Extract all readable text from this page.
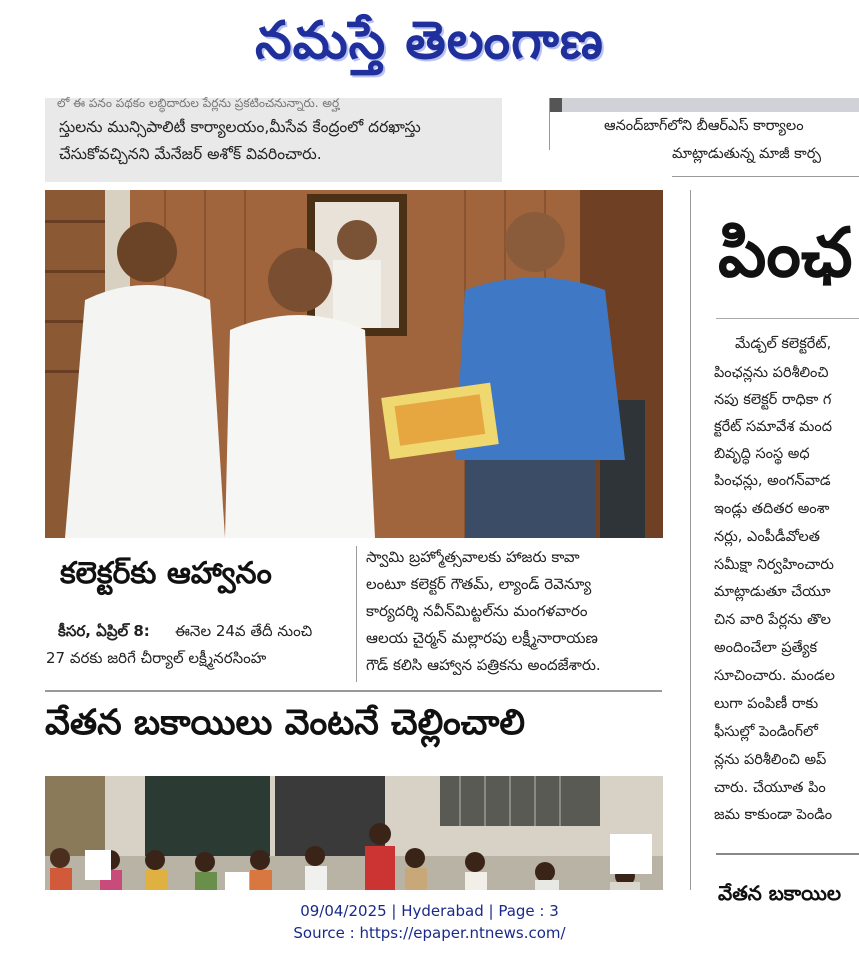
నమస్తే తెలంగాణ
లో ఈ పనం పథకం లబ్ధిదారుల పేర్లను ప్రకటించనున్నారు. అర్హ
స్తులను మున్సిపాలిటీ కార్యాలయం,మీసేవ కేంద్రంలో దరఖాస్తు
చేసుకోవచ్చినని మేనేజర్ అశోక్ వివరించారు.
ఆనంద్‌బాగ్‌లోని బీఆర్‌ఎస్ కార్యాలం
మాట్లాడుతున్న మాజీ కార్ప
కలెక్టర్‌కు ఆహ్వానం
కీసర, ఏప్రిల్ 8: ఈనెల 24వ తేదీ నుంచి
27 వరకు జరిగే చీర్యాల్ లక్ష్మీనరసింహ
స్వామి బ్రహ్మోత్సవాలకు హాజరు కావా
లంటూ కలెక్టర్ గౌతమ్, ల్యాండ్ రెవెన్యూ
కార్యదర్శి నవీన్‌మిట్టల్‌ను మంగళవారం
ఆలయ చైర్మన్ మల్లారపు లక్ష్మీనారాయణ
గౌడ్ కలిసి ఆహ్వాన పత్రికను అందజేశారు.
వేతన బకాయిలు వెంటనే చెల్లించాలి
పింఛ
మేడ్చల్ కలెక్టరేట్,
పింఛన్లను పరిశీలించి
నపు కలెక్టర్ రాధికా గ
క్టరేట్ సమావేశ మంద
బివృద్ధి సంస్థ అధ
పింఛన్లు, అంగన్‌వాడ
ఇండ్లు తదితర అంశా
నర్లు, ఎంపీడీవోలత
సమీక్షా నిర్వహించారు
మాట్లాడుతూ చేయూ
చిన వారి పేర్లను తొల
అందించేలా ప్రత్యేక
సూచించారు. మండల
లుగా పంపిణీ రాకు
ఫీసుల్లో పెండింగ్‌లో
న్లను పరిశీలించి అప్
చారు. చేయూత పిం
జమ కాకుండా పెండిం
వేతన బకాయిల
09/04/2025 | Hyderabad | Page : 3
Source : https://epaper.ntnews.com/
